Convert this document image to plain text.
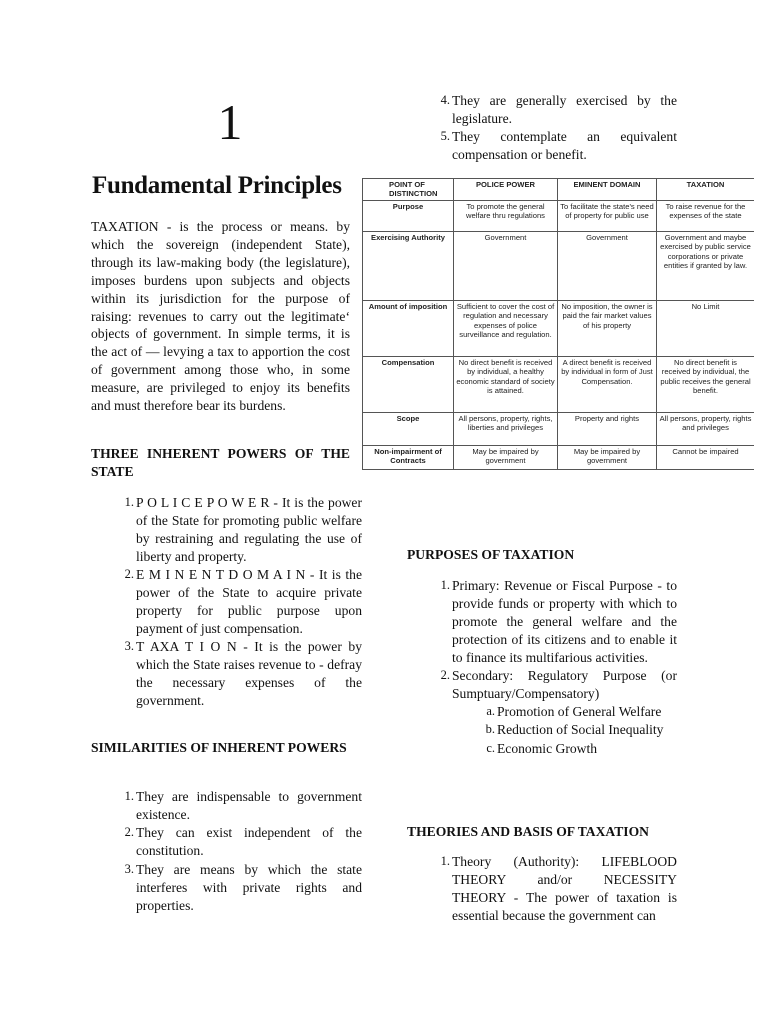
1
Fundamental Principles
TAXATION - is the process or means. by which the sovereign (independent State), through its law-making body (the legislature), imposes burdens upon subjects and objects within its jurisdiction for the purpose of raising: revenues to carry out the legitimate‘ objects of government. In simple terms, it is the act of — levying a tax to apportion the cost of government among those who, in some measure, are privileged to enjoy its benefits and must therefore bear its burdens.
THREE INHERENT POWERS OF THE STATE
1. P O L I C E P O W E R - It is the power of the State for promoting public welfare by restraining and regulating the use of liberty and property.
2. E M I N E N T D O M A I N - It is the power of the State to acquire private property for public purpose upon payment of just compensation.
3. T AXA T I O N - It is the power by which the State raises revenue to - defray the necessary expenses of the government.
SIMILARITIES OF INHERENT POWERS
1. They are indispensable to government existence.
2. They can exist independent of the constitution.
3. They are means by which the state interferes with private rights and properties.
4. They are generally exercised by the legislature.
5. They contemplate an equivalent compensation or benefit.
POINT OF DISTINCTION	POLICE POWER	EMINENT DOMAIN	TAXATION
Purpose	To promote the general welfare thru regulations	To facilitate the state's need of property for public use	To raise revenue for the expenses of the state
Exercising Authority	Government	Government	Government and maybe exercised by public service corporations or private entities if granted by law.
Amount of imposition	Sufficient to cover the cost of regulation and necessary expenses of police surveillance and regulation.	No imposition, the owner is paid the fair market values of his property	No Limit
Compensation	No direct benefit is received by individual, a healthy economic standard of society is attained.	A direct benefit is received by individual in form of Just Compensation.	No direct benefit is received by individual, the public receives the general benefit.
Scope	All persons, property, rights, liberties and privileges	Property and rights	All persons, property, rights and privileges
Non-impairment of Contracts	May be impaired by government	May be impaired by government	Cannot be impaired
PURPOSES OF TAXATION
1. Primary: Revenue or Fiscal Purpose - to provide funds or property with which to promote the general welfare and the protection of its citizens and to enable it to finance its multifarious activities.
2. Secondary: Regulatory Purpose (or Sumptuary/Compensatory)
a. Promotion of General Welfare
b. Reduction of Social Inequality
c. Economic Growth
THEORIES AND BASIS OF TAXATION
1. Theory (Authority): LIFEBLOOD THEORY and/or NECESSITY THEORY - The power of taxation is essential because the government can
